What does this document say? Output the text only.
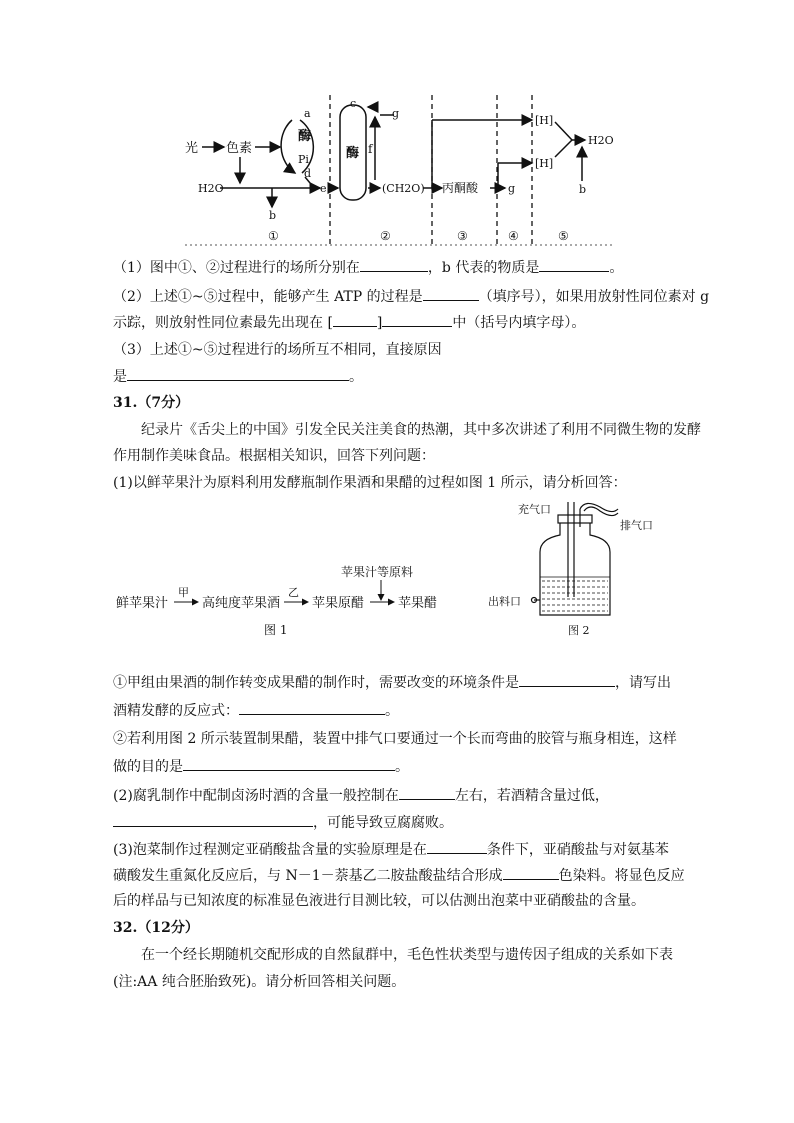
光 色素
a
酶
Pi
d
H2O	e
b
c
酶 f
g
(CH2O) 丙酮酸	g
[H]
[H]
H2O
b
①	②	③	④	⑤
（1）图中①、②过程进行的场所分别在	，b 代表的物质是	。
（2）上述①~⑤过程中，能够产生 ATP 的过程是	（填序号），如果用放射性同位素对 g
示踪，则放射性同位素最先出现在 [	]	中（括号内填字母）。
（3）上述①~⑤过程进行的场所互不相同，直接原因
是	。
31.（7分）
纪录片《舌尖上的中国》引发全民关注美食的热潮，其中多次讲述了利用不同微生物的发酵
作用制作美味食品。根据相关知识，回答下列问题：
(1)以鲜苹果汁为原料利用发酵瓶制作果酒和果醋的过程如图 1 所示，请分析回答：
鲜苹果汁
甲
高纯度苹果酒
乙
苹果原醋	苹果醋
苹果汁等原料
图 1
充气口
排气口
出料口
图 2
①甲组由果酒的制作转变成果醋的制作时，需要改变的环境条件是	，请写出
酒精发酵的反应式：	。
②若利用图 2 所示装置制果醋，装置中排气口要通过一个长而弯曲的胶管与瓶身相连，这样
做的目的是	。
(2)腐乳制作中配制卤汤时酒的含量一般控制在	左右，若酒精含量过低，
，可能导致豆腐腐败。
(3)泡菜制作过程测定亚硝酸盐含量的实验原理是在	条件下，亚硝酸盐与对氨基苯
磺酸发生重氮化反应后，与 N－1－萘基乙二胺盐酸盐结合形成	色染料。将显色反应
后的样品与已知浓度的标准显色液进行目测比较，可以估测出泡菜中亚硝酸盐的含量。
32.（12分）
在一个经长期随机交配形成的自然鼠群中，毛色性状类型与遗传因子组成的关系如下表
(注:AA 纯合胚胎致死)。请分析回答相关问题。
